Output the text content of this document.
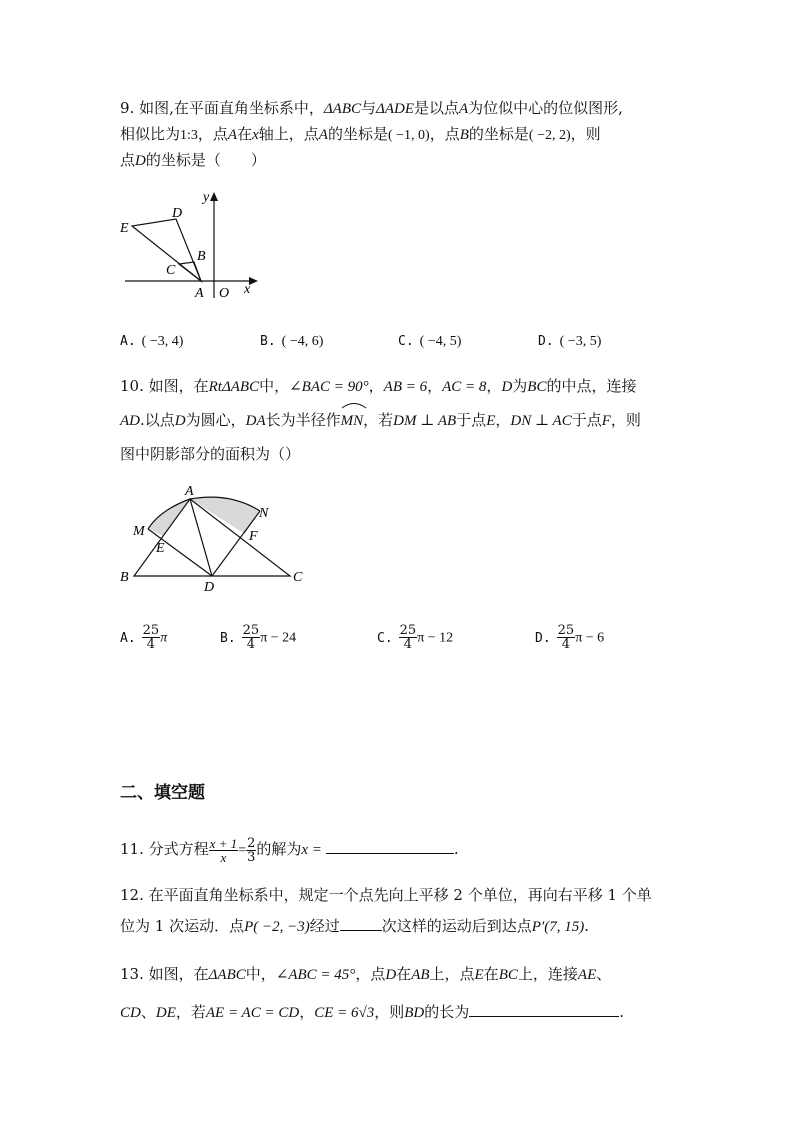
9. 如图,在平面直角坐标系中，ΔABC与ΔADE是以点A为位似中心的位似图形,

相似比为1:3，点A在x轴上，点A的坐标是( −1, 0)，点B的坐标是( −2, 2)，则

点D的坐标是（　　）

E
D
B
C
A O x
y
A. ( −3, 4)	B. ( −4, 6)	C. ( −4, 5)	D. ( −3, 5)

10. 如图，在RtΔABC中，∠BAC = 90°，AB = 6，AC = 8，D为BC的中点，连接

AD.以点D为圆心，DA长为半径作
MN，若DM ⊥ AB于点E，DN ⊥ AC于点F，则

图中阴影部分的面积为（）

A
M
N
E
F
B
D
C
A. $\frac{25}{4}$ π	B. $\frac{25}{4}$ π − 24	C. $\frac{25}{4}$ π − 12	D. $\frac{25}{4}$ π − 6
二、填空题

11. 分式方程 $\frac{x + 1}{x} = \frac{2}{3}$ 的解为x =	.

12. 在平面直角坐标系中，规定一个点先向上平移 2 个单位，再向右平移 1 个单

位为 1 次运动．点P( −2, −3)经过	次这样的运动后到达点P′(7, 15).

13. 如图，在ΔABC中，∠ABC = 45°，点D在AB上，点E在BC上，连接AE、

CD、DE，若AE = AC = CD，CE = 6√3，则BD的长为	.
